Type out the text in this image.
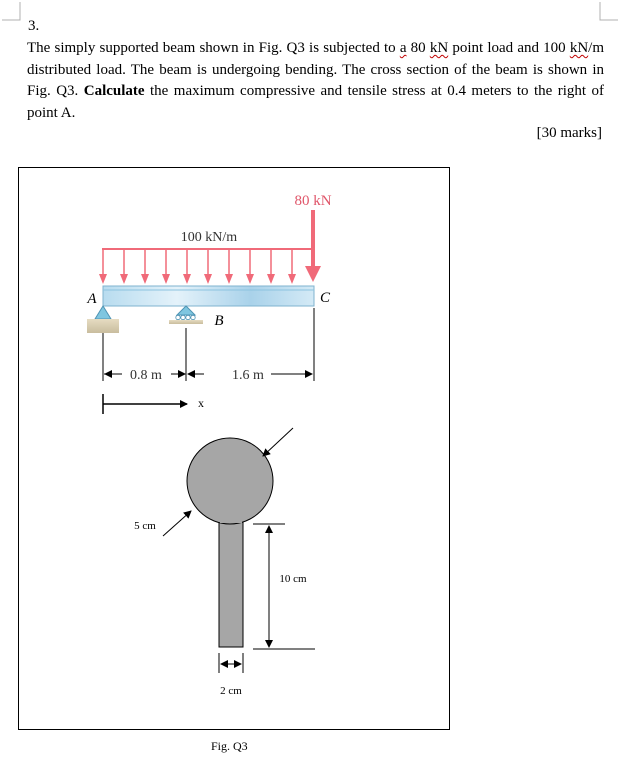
3.
The simply supported beam shown in Fig. Q3 is subjected to a 80 kN point load and 100 kN/m distributed load. The beam is undergoing bending. The cross section of the beam is shown in Fig. Q3. Calculate the maximum compressive and tensile stress at 0.4 meters to the right of point A.
[30 marks]
100 kN/m
80 kN
A	C
B
0.8 m	1.6 m
x
5 cm
10 cm
2 cm
Fig. Q3
